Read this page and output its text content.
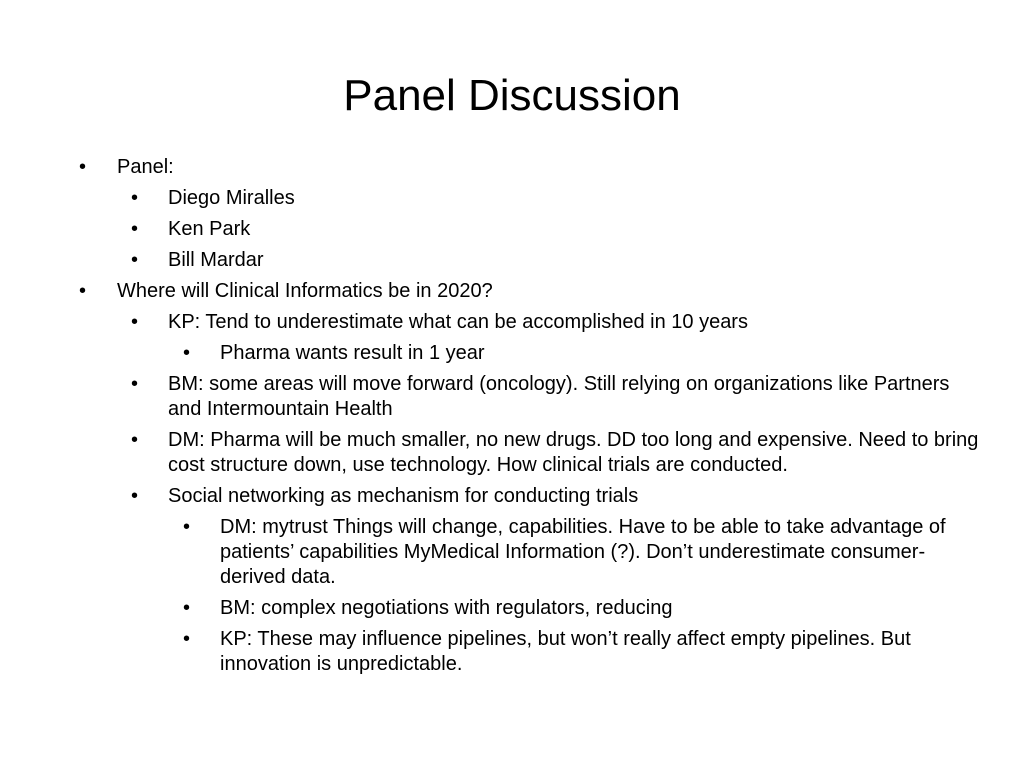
Panel Discussion
• Panel:
• Diego Miralles
• Ken Park
• Bill Mardar
• Where will Clinical Informatics be in 2020?
• KP: Tend to underestimate what can be accomplished in 10 years
• Pharma wants result in 1 year
• BM: some areas will move forward (oncology). Still relying on organizations like Partners and Intermountain Health
• DM: Pharma will be much smaller, no new drugs. DD too long and expensive. Need to bring cost structure down, use technology. How clinical trials are conducted.
• Social networking as mechanism for conducting trials
• DM: mytrust Things will change, capabilities. Have to be able to take advantage of patients’ capabilities MyMedical Information (?). Don’t underestimate consumer-derived data.
• BM: complex negotiations with regulators, reducing
• KP: These may influence pipelines, but won’t really affect empty pipelines. But innovation is unpredictable.
